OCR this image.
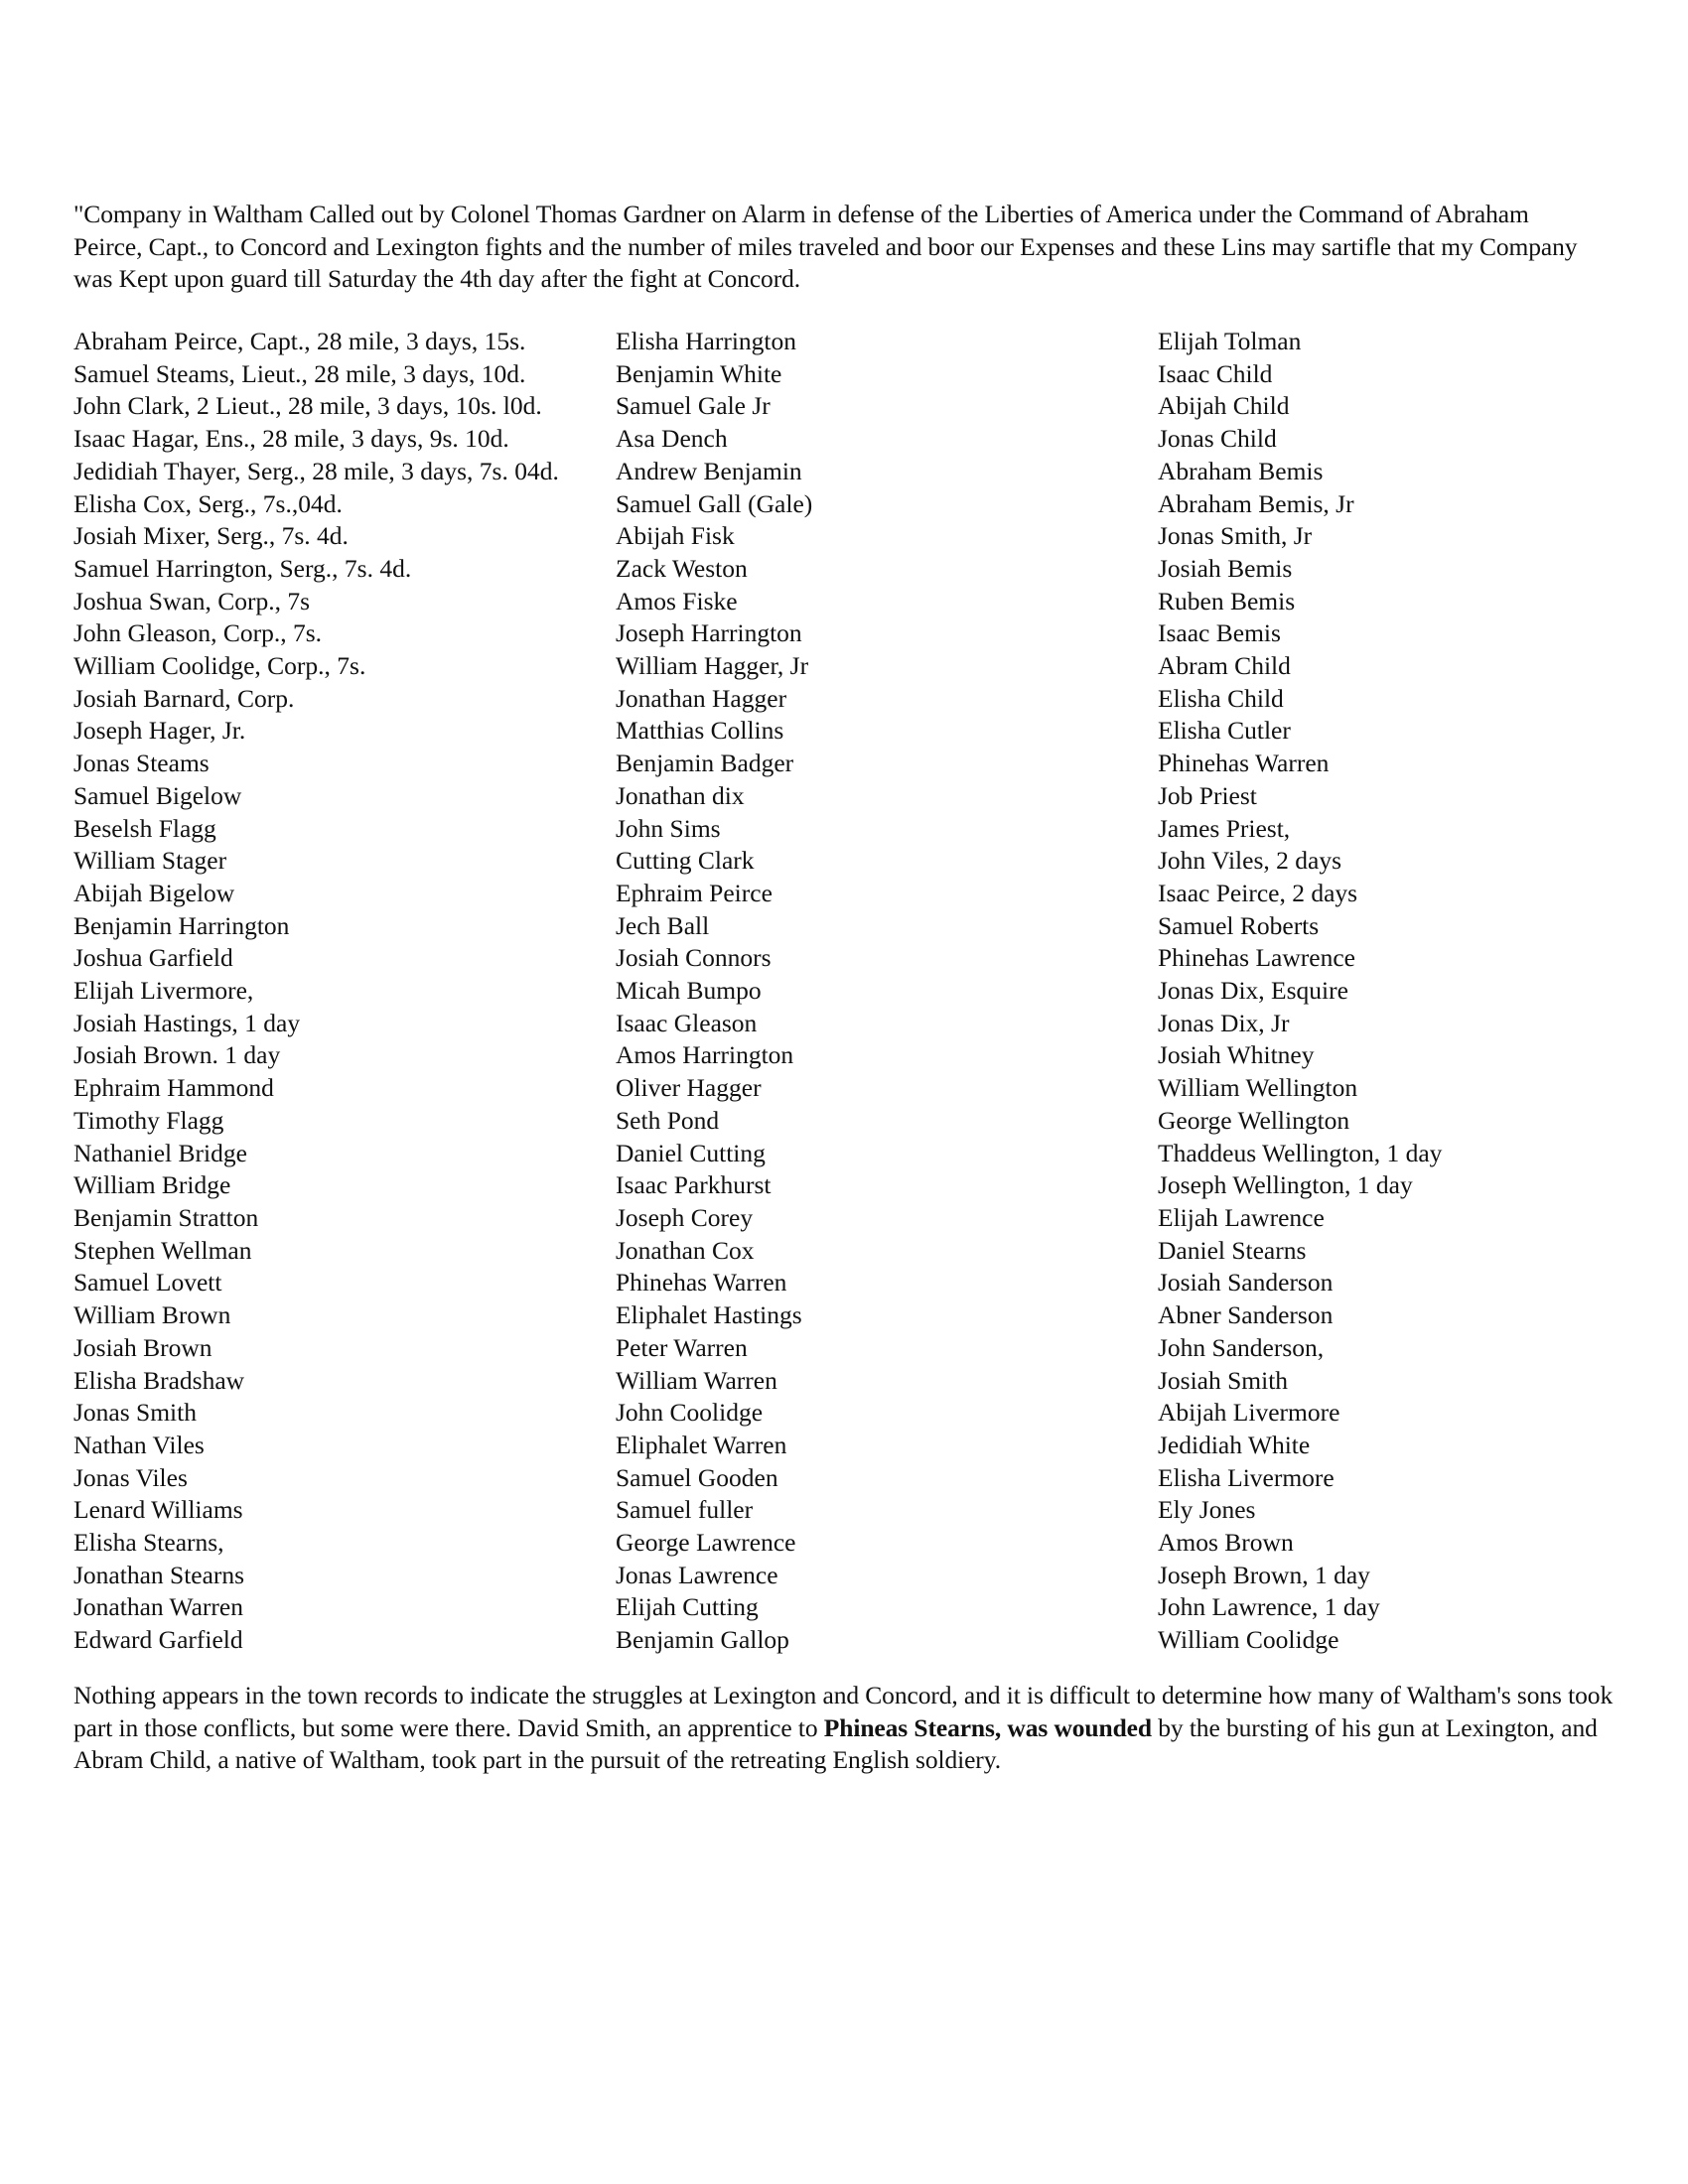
"Company in Waltham Called out by Colonel Thomas Gardner on Alarm in defense of the Liberties of America under the Command of Abraham Peirce, Capt., to Concord and Lexington fights and the number of miles traveled and boor our Expenses and these Lins may sartifle that my Company was Kept upon guard till Saturday the 4th day after the fight at Concord.

Abraham Peirce, Capt., 28 mile, 3 days, 15s.
Samuel Steams, Lieut., 28 mile, 3 days, 10d.
John Clark, 2 Lieut., 28 mile, 3 days, 10s. l0d.
Isaac Hagar, Ens., 28 mile, 3 days, 9s. 10d.
Jedidiah Thayer, Serg., 28 mile, 3 days, 7s. 04d.
Elisha Cox, Serg., 7s.,04d.
Josiah Mixer, Serg., 7s. 4d.
Samuel Harrington, Serg., 7s. 4d.
Joshua Swan, Corp., 7s
John Gleason, Corp., 7s.
William Coolidge, Corp., 7s.
Josiah Barnard, Corp.
Joseph Hager, Jr.
Jonas Steams
Samuel Bigelow
Beselsh Flagg
William Stager
Abijah Bigelow
Benjamin Harrington
Joshua Garfield
Elijah Livermore,
Josiah Hastings, 1 day
Josiah Brown. 1 day
Ephraim Hammond
Timothy Flagg
Nathaniel Bridge
William Bridge
Benjamin Stratton
Stephen Wellman
Samuel Lovett
William Brown
Josiah Brown
Elisha Bradshaw
Jonas Smith
Nathan Viles
Jonas Viles
Lenard Williams
Elisha Stearns,
Jonathan Stearns
Jonathan Warren
Edward Garfield
Elisha Harrington
Benjamin White
Samuel Gale Jr
Asa Dench
Andrew Benjamin
Samuel Gall (Gale)
Abijah Fisk
Zack Weston
Amos Fiske
Joseph Harrington
William Hagger, Jr
Jonathan Hagger
Matthias Collins
Benjamin Badger
Jonathan dix
John Sims
Cutting Clark
Ephraim Peirce
Jech Ball
Josiah Connors
Micah Bumpo
Isaac Gleason
Amos Harrington
Oliver Hagger
Seth Pond
Daniel Cutting
Isaac Parkhurst
Joseph Corey
Jonathan Cox
Phinehas Warren
Eliphalet Hastings
Peter Warren
William Warren
John Coolidge
Eliphalet Warren
Samuel Gooden
Samuel fuller
George Lawrence
Jonas Lawrence
Elijah Cutting
Benjamin Gallop
Elijah Tolman
Isaac Child
Abijah Child
Jonas Child
Abraham Bemis
Abraham Bemis, Jr
Jonas Smith, Jr
Josiah Bemis
Ruben Bemis
Isaac Bemis
Abram Child
Elisha Child
Elisha Cutler
Phinehas Warren
Job Priest
James Priest,
John Viles, 2 days
Isaac Peirce, 2 days
Samuel Roberts
Phinehas Lawrence
Jonas Dix, Esquire
Jonas Dix, Jr
Josiah Whitney
William Wellington
George Wellington
Thaddeus Wellington, 1 day
Joseph Wellington, 1 day
Elijah Lawrence
Daniel Stearns
Josiah Sanderson
Abner Sanderson
John Sanderson,
Josiah Smith
Abijah Livermore
Jedidiah White
Elisha Livermore
Ely Jones
Amos Brown
Joseph Brown, 1 day
John Lawrence, 1 day
William Coolidge

Nothing appears in the town records to indicate the struggles at Lexington and Concord, and it is difficult to determine how many of Waltham's sons took part in those conflicts, but some were there. David Smith, an apprentice to Phineas Stearns, was wounded by the bursting of his gun at Lexington, and Abram Child, a native of Waltham, took part in the pursuit of the retreating English soldiery.
